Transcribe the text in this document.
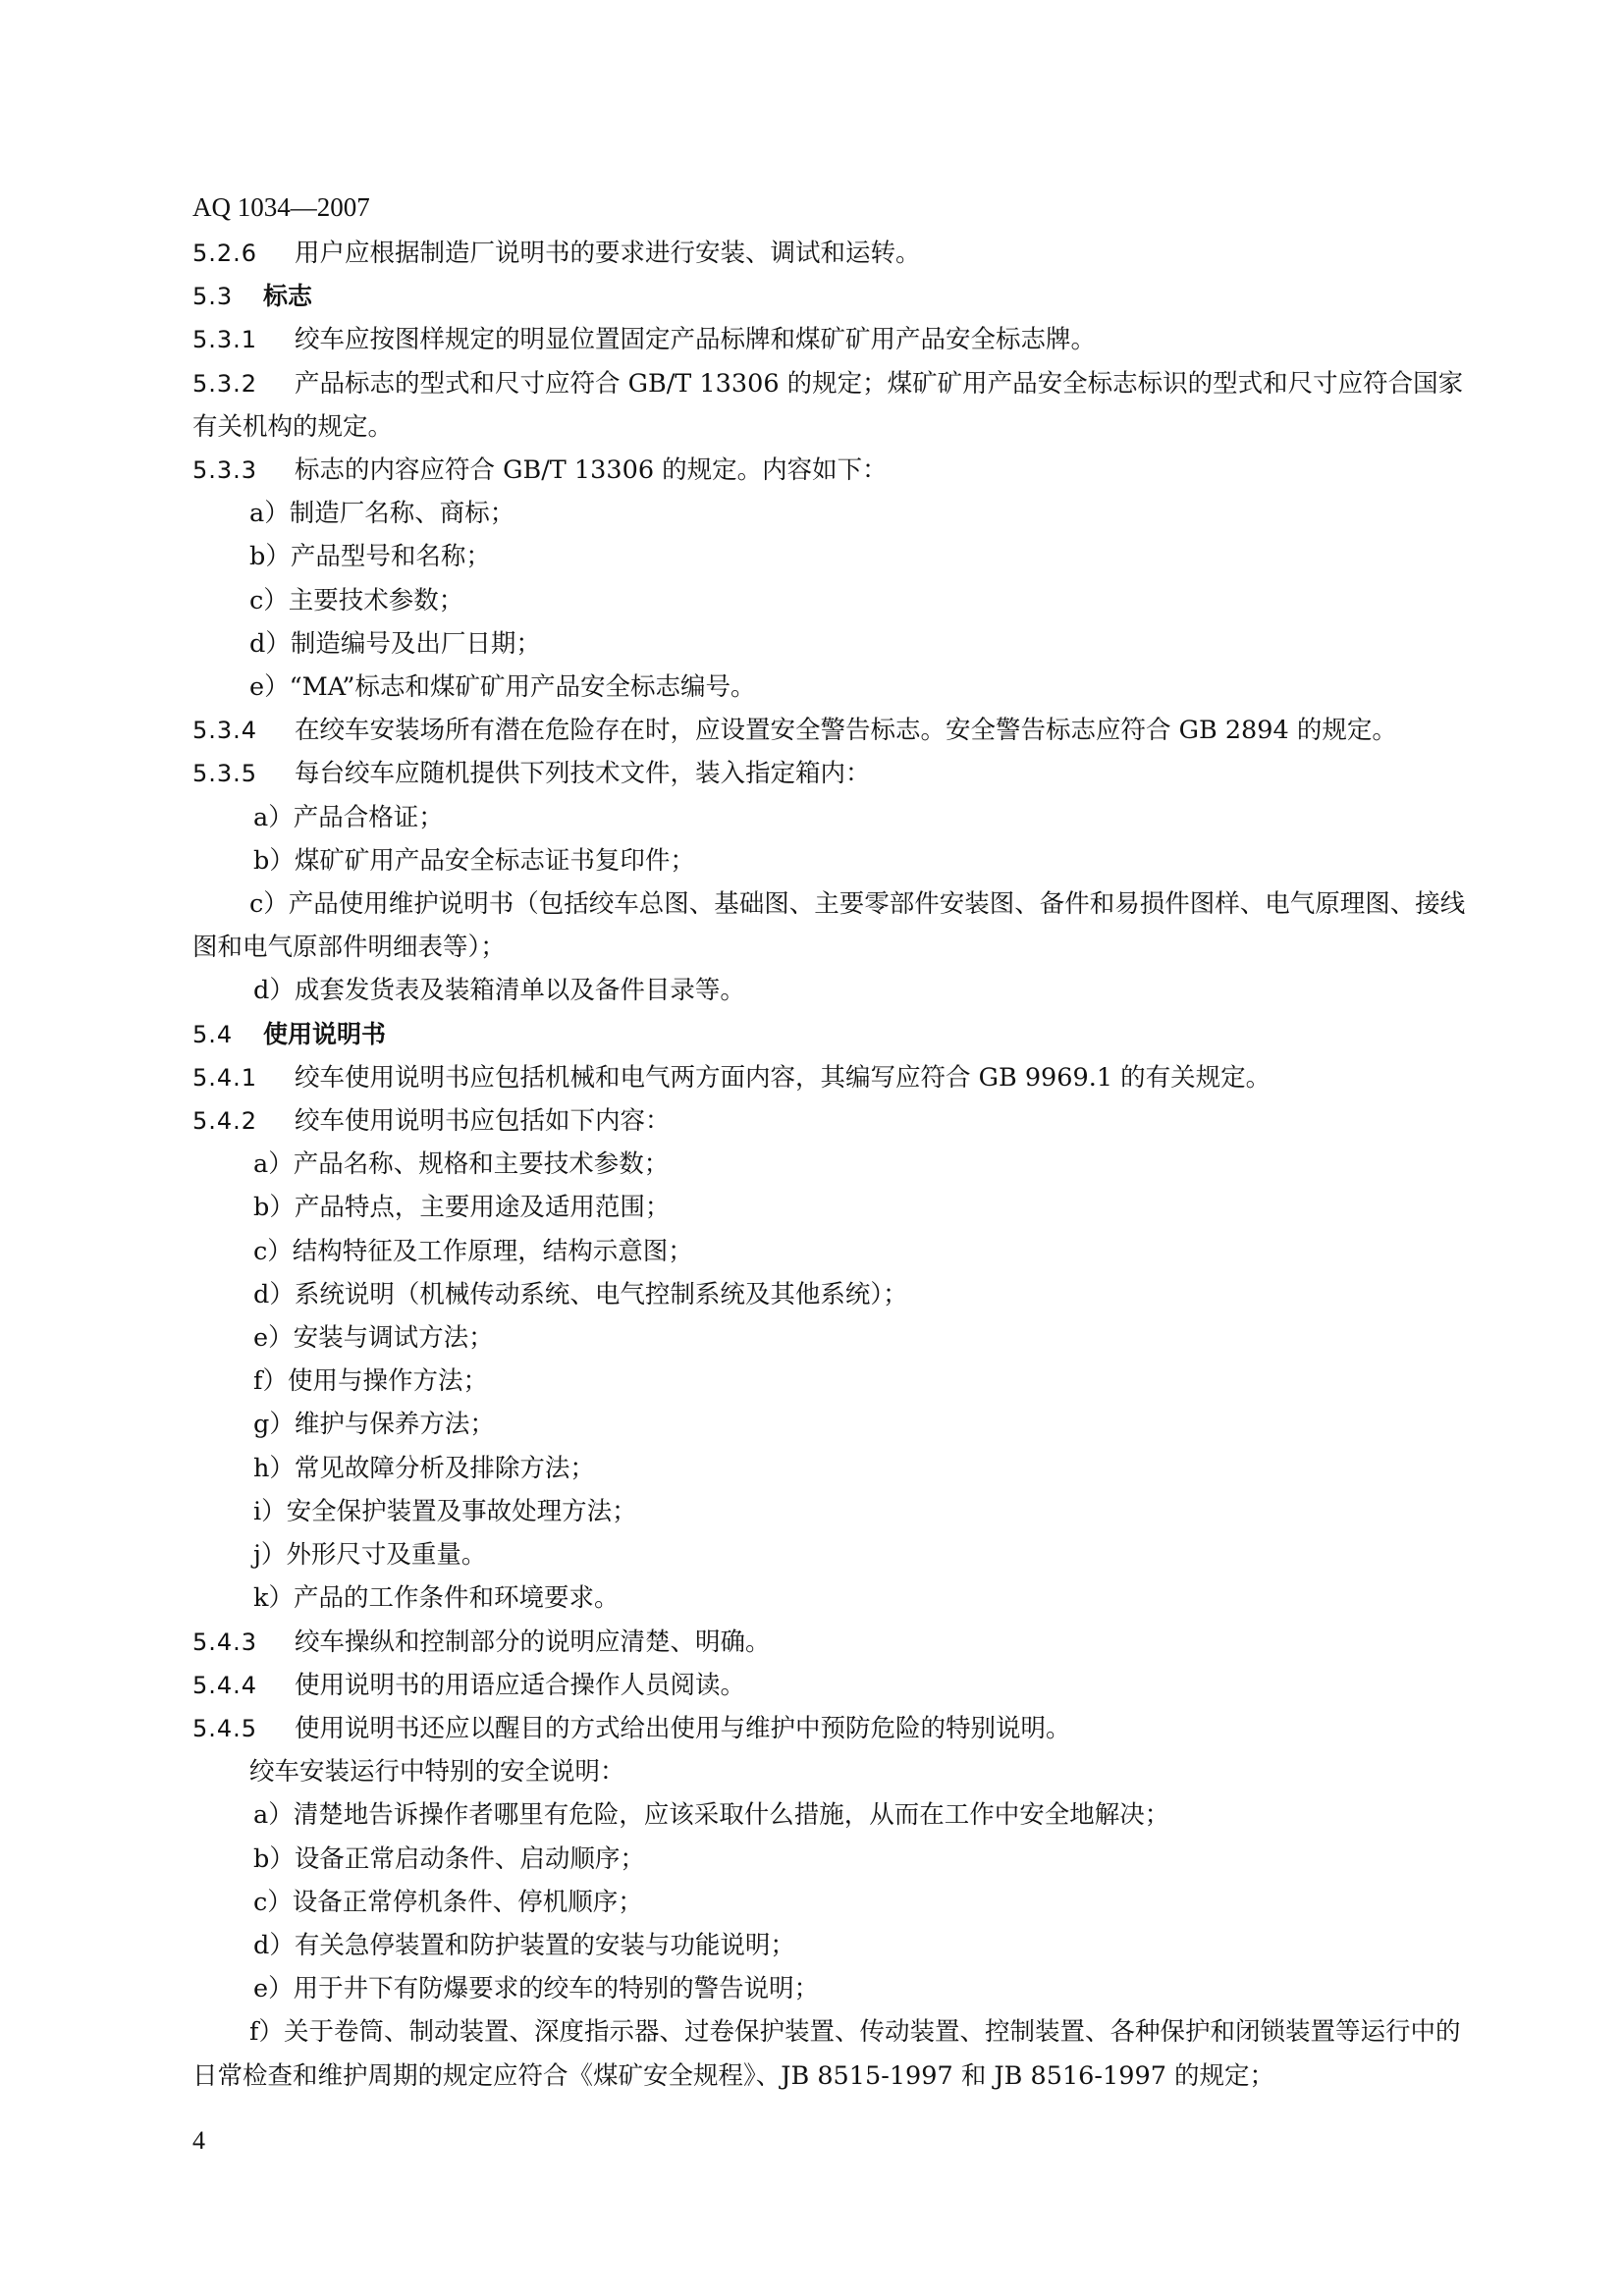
AQ 1034—2007
5.2.6 用户应根据制造厂说明书的要求进行安装、调试和运转。
5.3 标志
5.3.1 绞车应按图样规定的明显位置固定产品标牌和煤矿矿用产品安全标志牌。
5.3.2 产品标志的型式和尺寸应符合 GB/T 13306 的规定；煤矿矿用产品安全标志标识的型式和尺寸应符合国家有关机构的规定。
5.3.3 标志的内容应符合 GB/T 13306 的规定。内容如下：
a）制造厂名称、商标；
b）产品型号和名称；
c）主要技术参数；
d）制造编号及出厂日期；
e）“MA”标志和煤矿矿用产品安全标志编号。
5.3.4 在绞车安装场所有潜在危险存在时，应设置安全警告标志。安全警告标志应符合 GB 2894 的规定。
5.3.5 每台绞车应随机提供下列技术文件，装入指定箱内：
a）产品合格证；
b）煤矿矿用产品安全标志证书复印件；
c）产品使用维护说明书（包括绞车总图、基础图、主要零部件安装图、备件和易损件图样、电气原理图、接线图和电气原部件明细表等）；
d）成套发货表及装箱清单以及备件目录等。
5.4 使用说明书
5.4.1 绞车使用说明书应包括机械和电气两方面内容，其编写应符合 GB 9969.1 的有关规定。
5.4.2 绞车使用说明书应包括如下内容：
a）产品名称、规格和主要技术参数；
b）产品特点，主要用途及适用范围；
c）结构特征及工作原理，结构示意图；
d）系统说明（机械传动系统、电气控制系统及其他系统）；
e）安装与调试方法；
f）使用与操作方法；
g）维护与保养方法；
h）常见故障分析及排除方法；
i）安全保护装置及事故处理方法；
j）外形尺寸及重量。
k）产品的工作条件和环境要求。
5.4.3 绞车操纵和控制部分的说明应清楚、明确。
5.4.4 使用说明书的用语应适合操作人员阅读。
5.4.5 使用说明书还应以醒目的方式给出使用与维护中预防危险的特别说明。
绞车安装运行中特别的安全说明：
a）清楚地告诉操作者哪里有危险，应该采取什么措施，从而在工作中安全地解决；
b）设备正常启动条件、启动顺序；
c）设备正常停机条件、停机顺序；
d）有关急停装置和防护装置的安装与功能说明；
e）用于井下有防爆要求的绞车的特别的警告说明；
f）关于卷筒、制动装置、深度指示器、过卷保护装置、传动装置、控制装置、各种保护和闭锁装置等运行中的日常检查和维护周期的规定应符合《煤矿安全规程》、JB 8515-1997 和 JB 8516-1997 的规定；
4
